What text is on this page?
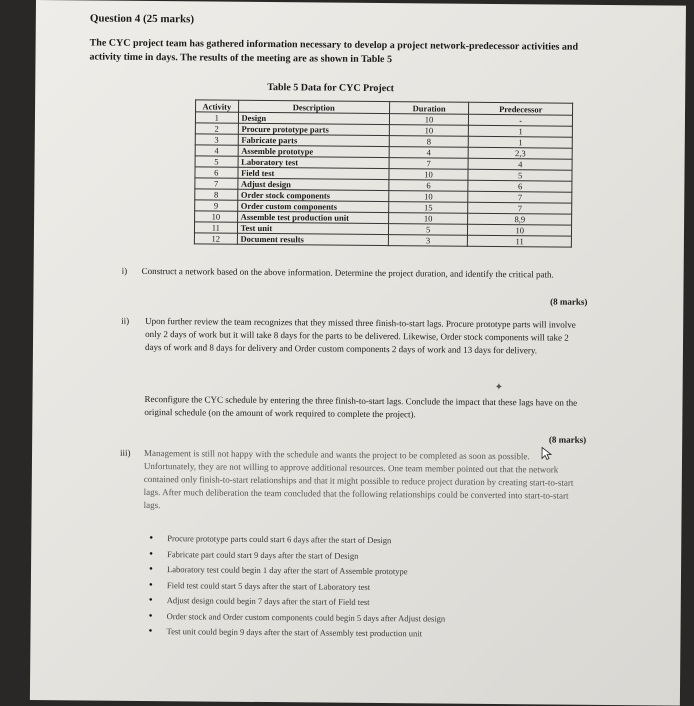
Question 4 (25 marks)
The CYC project team has gathered information necessary to develop a project network-predecessor activities and activity time in days. The results of the meeting are as shown in Table 5
Table 5 Data for CYC Project
Activity	Description	Duration	Predecessor
1	Design	10	-
2	Procure prototype parts	10	1
3	Fabricate parts	8	1
4	Assemble prototype	4	2,3
5	Laboratory test	7	4
6	Field test	10	5
7	Adjust design	6	6
8	Order stock components	10	7
9	Order custom components	15	7
10	Assemble test production unit	10	8,9
11	Test unit	5	10
12	Document results	3	11
i) Construct a network based on the above information. Determine the project duration, and identify the critical path.
(8 marks)
ii) Upon further review the team recognizes that they missed three finish-to-start lags. Procure prototype parts will involve only 2 days of work but it will take 8 days for the parts to be delivered. Likewise, Order stock components will take 2 days of work and 8 days for delivery and Order custom components 2 days of work and 13 days for delivery.
✦
Reconfigure the CYC schedule by entering the three finish-to-start lags. Conclude the impact that these lags have on the original schedule (on the amount of work required to complete the project).
(8 marks)
iii) Management is still not happy with the schedule and wants the project to be completed as soon as possible. Unfortunately, they are not willing to approve additional resources. One team member pointed out that the network contained only finish-to-start relationships and that it might possible to reduce project duration by creating start-to-start lags. After much deliberation the team concluded that the following relationships could be converted into start-to-start lags.
• Procure prototype parts could start 6 days after the start of Design
• Fabricate part could start 9 days after the start of Design
• Laboratory test could begin 1 day after the start of Assemble prototype
• Field test could start 5 days after the start of Laboratory test
• Adjust design could begin 7 days after the start of Field test
• Order stock and Order custom components could begin 5 days after Adjust design
• Test unit could begin 9 days after the start of Assembly test production unit
